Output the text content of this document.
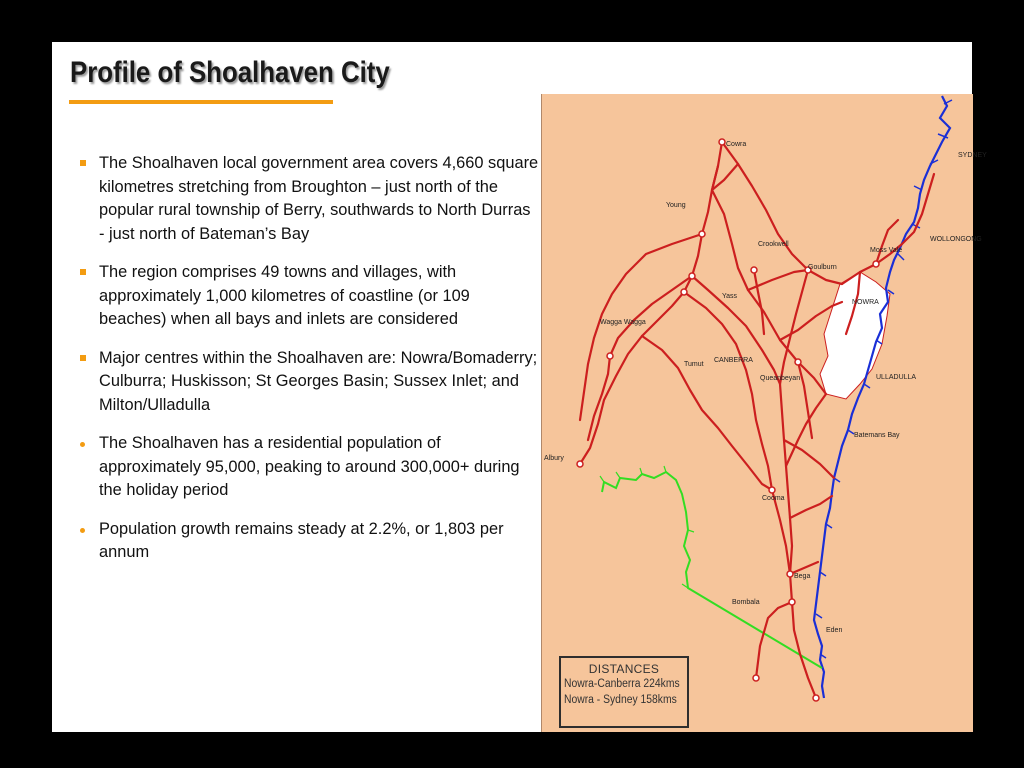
Profile of Shoalhaven City
The Shoalhaven local government area covers 4,660 square kilometres stretching from Broughton – just north of the popular rural township of Berry, southwards to North Durras - just north of Bateman’s Bay
The region comprises 49 towns and villages, with approximately 1,000 kilometres of coastline (or 109 beaches) when all bays and inlets are considered
Major centres within the Shoalhaven are: Nowra/Bomaderry; Culburra; Huskisson; St Georges Basin; Sussex Inlet; and Milton/Ulladulla
The Shoalhaven has a residential population of approximately 95,000, peaking to around 300,000+ during the holiday period
Population growth remains steady at 2.2%, or 1,803 per annum
Cowra
SYDNEY
Young
WOLLONGONG
Crookwell
Moss Vale
Goulburn
NOWRA
Yass
Wagga Wagga
Tumut
CANBERRA
ULLADULLA
Queanbeyan
Batemans Bay
Albury
Cooma
Bega
Bombala
Eden
DISTANCES
Nowra-Canberra 224kms
Nowra - Sydney 158kms
